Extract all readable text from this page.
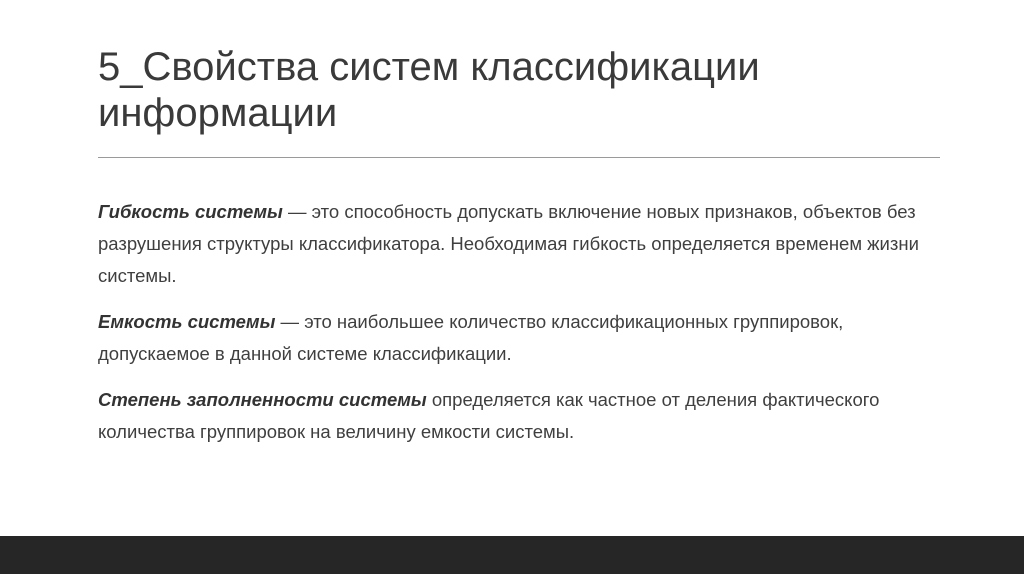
5_Свойства систем классификации информации

Гибкость системы — это способность допускать включение новых признаков, объектов без разрушения структуры классификатора. Необходимая гибкость определяется временем жизни системы.

Емкость системы — это наибольшее количество классификационных группировок, допускаемое в данной системе классификации.

Степень заполненности системы определяется как частное от деления фактического количества группировок на величину емкости системы.
